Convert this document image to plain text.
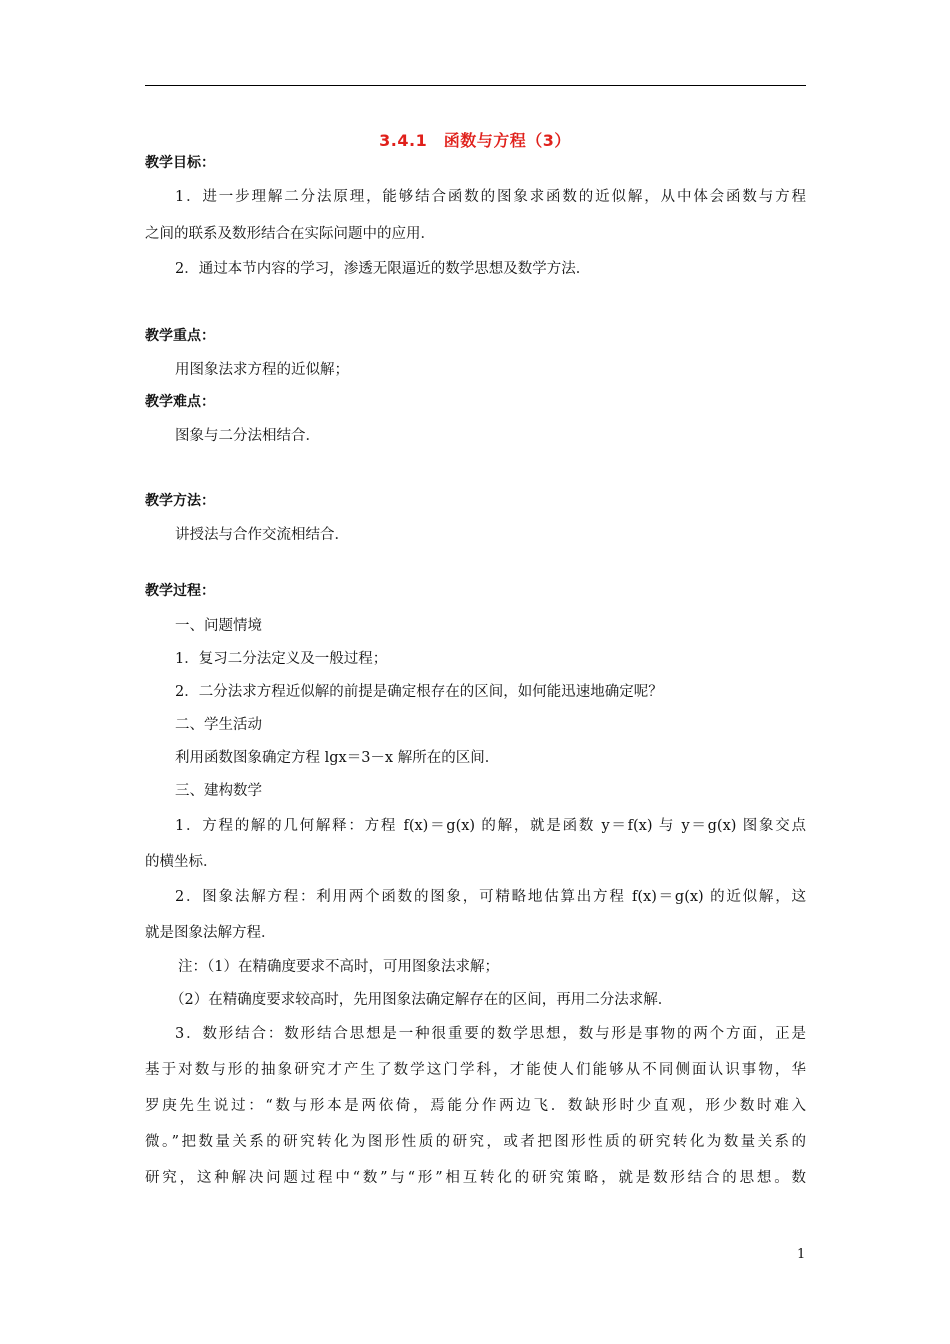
3.4.1　函数与方程（3）
教学目标：
1．进一步理解二分法原理，能够结合函数的图象求函数的近似解，从中体会函数与方程
之间的联系及数形结合在实际问题中的应用．
2．通过本节内容的学习，渗透无限逼近的数学思想及数学方法．
教学重点：
用图象法求方程的近似解；
教学难点：
图象与二分法相结合．
教学方法：
讲授法与合作交流相结合．
教学过程：
一、问题情境
1．复习二分法定义及一般过程；
2．二分法求方程近似解的前提是确定根存在的区间，如何能迅速地确定呢？
二、学生活动
利用函数图象确定方程 lgx＝3－x 解所在的区间．
三、建构数学
1．方程的解的几何解释：方程 f(x)＝g(x) 的解，就是函数 y＝f(x) 与 y＝g(x) 图象交点
的横坐标．
2．图象法解方程：利用两个函数的图象，可精略地估算出方程 f(x)＝g(x) 的近似解，这
就是图象法解方程．
注：（1）在精确度要求不高时，可用图象法求解；
（2）在精确度要求较高时，先用图象法确定解存在的区间，再用二分法求解．
3．数形结合：数形结合思想是一种很重要的数学思想，数与形是事物的两个方面，正是
基于对数与形的抽象研究才产生了数学这门学科，才能使人们能够从不同侧面认识事物，华
罗庚先生说过：“数与形本是两依倚，焉能分作两边飞．数缺形时少直观，形少数时难入
微。”把数量关系的研究转化为图形性质的研究，或者把图形性质的研究转化为数量关系的
研究，这种解决问题过程中“数”与“形”相互转化的研究策略，就是数形结合的思想。数
1
